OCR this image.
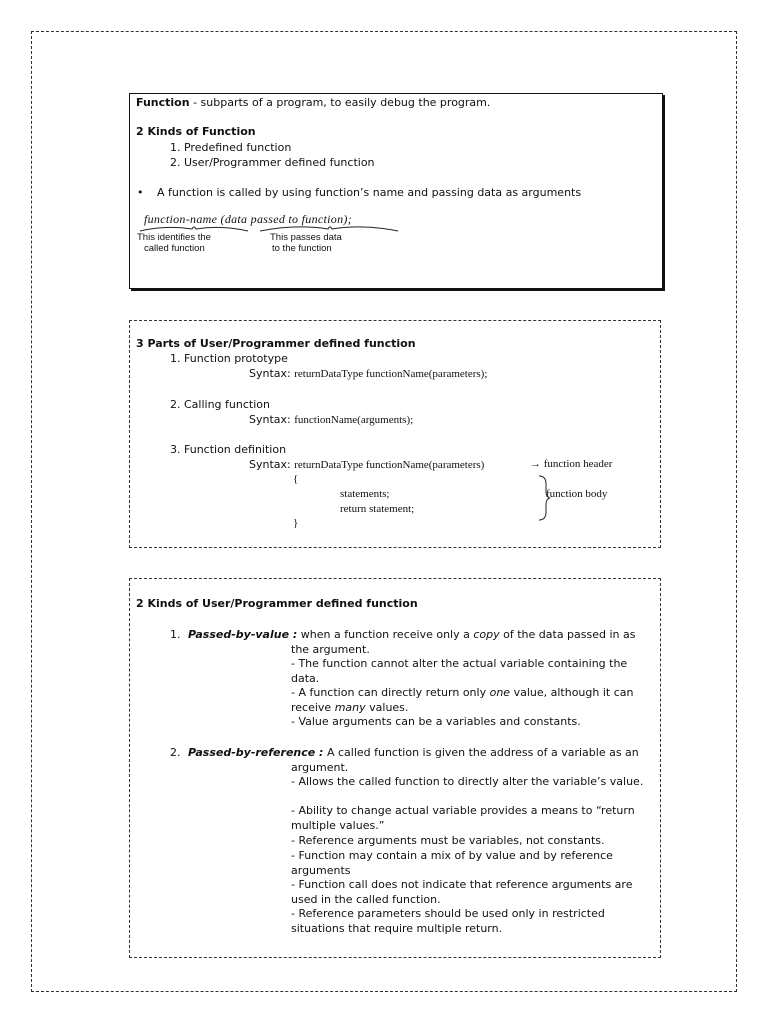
Function - subparts of a program, to easily debug the program.
2 Kinds of Function
1. Predefined function
2. User/Programmer defined function
• A function is called by using function’s name and passing data as arguments
function-name (data passed to function);
This identifies the
called function
This passes data
to the function
3 Parts of User/Programmer defined function
1. Function prototype
Syntax: returnDataType functionName(parameters);
2. Calling function
Syntax: functionName(arguments);
3. Function definition
Syntax: returnDataType functionName(parameters)
{
statements;
return statement;
}
→ function header
function body
2 Kinds of User/Programmer defined function
1. Passed-by-value : when a function receive only a copy of the data passed in as
the argument.
- The function cannot alter the actual variable containing the data.
- A function can directly return only one value, although it can receive many values.
- Value arguments can be a variables and constants.
2. Passed-by-reference : A called function is given the address of a variable as an
argument.
- Allows the called function to directly alter the variable’s value.
- Ability to change actual variable provides a means to “return multiple values.”
- Reference arguments must be variables, not constants.
- Function may contain a mix of by value and by reference arguments
- Function call does not indicate that reference arguments are used in the called function.
- Reference parameters should be used only in restricted situations that require multiple return.
